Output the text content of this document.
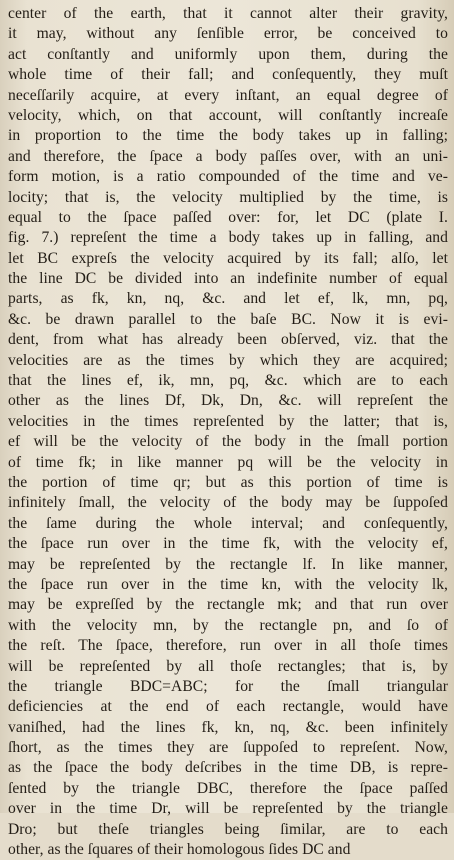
center of the earth, that it cannot alter their gravity,
it may, without any ſenſible error, be conceived to
act conſtantly and uniformly upon them, during the
whole time of their fall; and conſequently, they muſt
neceſſarily acquire, at every inſtant, an equal degree of
velocity, which, on that account, will conſtantly increaſe
in proportion to the time the body takes up in falling;
and therefore, the ſpace a body paſſes over, with an uni-
form motion, is a ratio compounded of the time and ve-
locity; that is, the velocity multiplied by the time, is
equal to the ſpace paſſed over: for, let DC (plate I.
fig. 7.) repreſent the time a body takes up in falling, and
let BC expreſs the velocity acquired by its fall; alſo, let
the line DC be divided into an indefinite number of equal
parts, as fk, kn, nq, &c. and let ef, lk, mn, pq,
&c. be drawn parallel to the baſe BC. Now it is evi-
dent, from what has already been obſerved, viz. that the
velocities are as the times by which they are acquired;
that the lines ef, ik, mn, pq, &c. which are to each
other as the lines Df, Dk, Dn, &c. will repreſent the
velocities in the times repreſented by the latter; that is,
ef will be the velocity of the body in the ſmall portion
of time fk; in like manner pq will be the velocity in
the portion of time qr; but as this portion of time is
infinitely ſmall, the velocity of the body may be ſuppoſed
the ſame during the whole interval; and conſequently,
the ſpace run over in the time fk, with the velocity ef,
may be repreſented by the rectangle lf. In like manner,
the ſpace run over in the time kn, with the velocity lk,
may be expreſſed by the rectangle mk; and that run over
with the velocity mn, by the rectangle pn, and ſo of
the reſt. The ſpace, therefore, run over in all thoſe times
will be repreſented by all thoſe rectangles; that is, by
the triangle BDC=ABC; for the ſmall triangular
deficiencies at the end of each rectangle, would have
vaniſhed, had the lines fk, kn, nq, &c. been infinitely
ſhort, as the times they are ſuppoſed to repreſent. Now,
as the ſpace the body deſcribes in the time DB, is repre-
ſented by the triangle DBC, therefore the ſpace paſſed
over in the time Dr, will be repreſented by the triangle
Dro; but theſe triangles being ſimilar, are to each
other, as the ſquares of their homologous ſides DC and
